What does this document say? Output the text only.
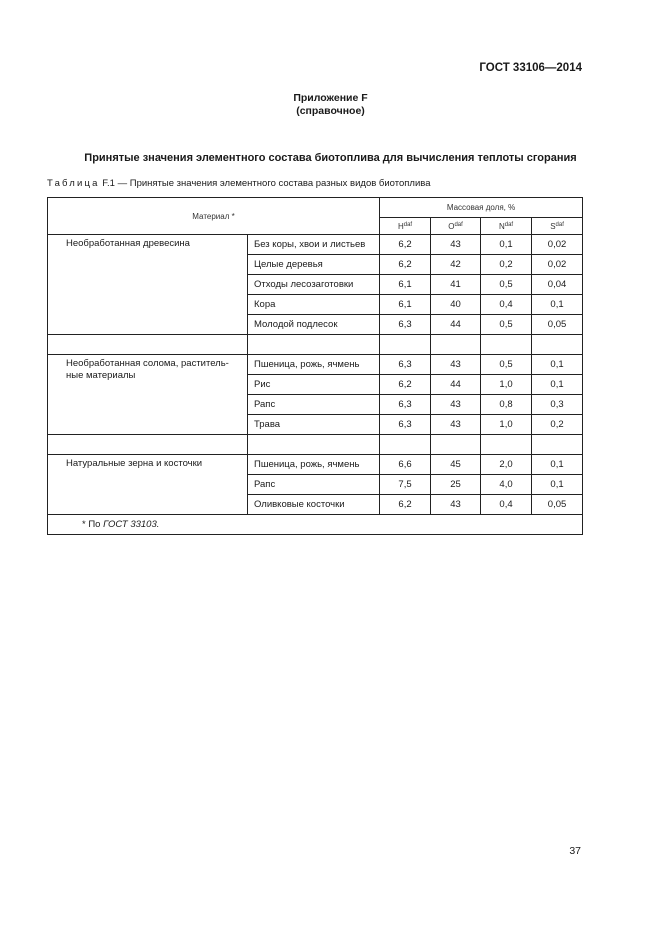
ГОСТ 33106—2014
Приложение F
(справочное)
Принятые значения элементного состава биотоплива для вычисления теплоты сгорания
Таблица F.1 — Принятые значения элементного состава разных видов биотоплива
Материал *		Массовая доля, %			
		$H^{daf}$	$O^{daf}$	$N^{daf}$	$S^{daf}$
Необработанная древесина	Без коры, хвои и листьев	6,2	43	0,1	0,02
	Целые деревья	6,2	42	0,2	0,02
	Отходы лесозаготовки	6,1	41	0,5	0,04
	Кора	6,1	40	0,4	0,1
	Молодой подлесок	6,3	44	0,5	0,05

Необработанная солома, раститель-ные материалы	Пшеница, рожь, ячмень	6,3	43	0,5	0,1
	Рис	6,2	44	1,0	0,1
	Рапс	6,3	43	0,8	0,3
	Трава	6,3	43	1,0	0,2

Натуральные зерна и косточки	Пшеница, рожь, ячмень	6,6	45	2,0	0,1
	Рапс	7,5	25	4,0	0,1
	Оливковые косточки	6,2	43	0,4	0,05
* По ГОСТ 33103.					
37
